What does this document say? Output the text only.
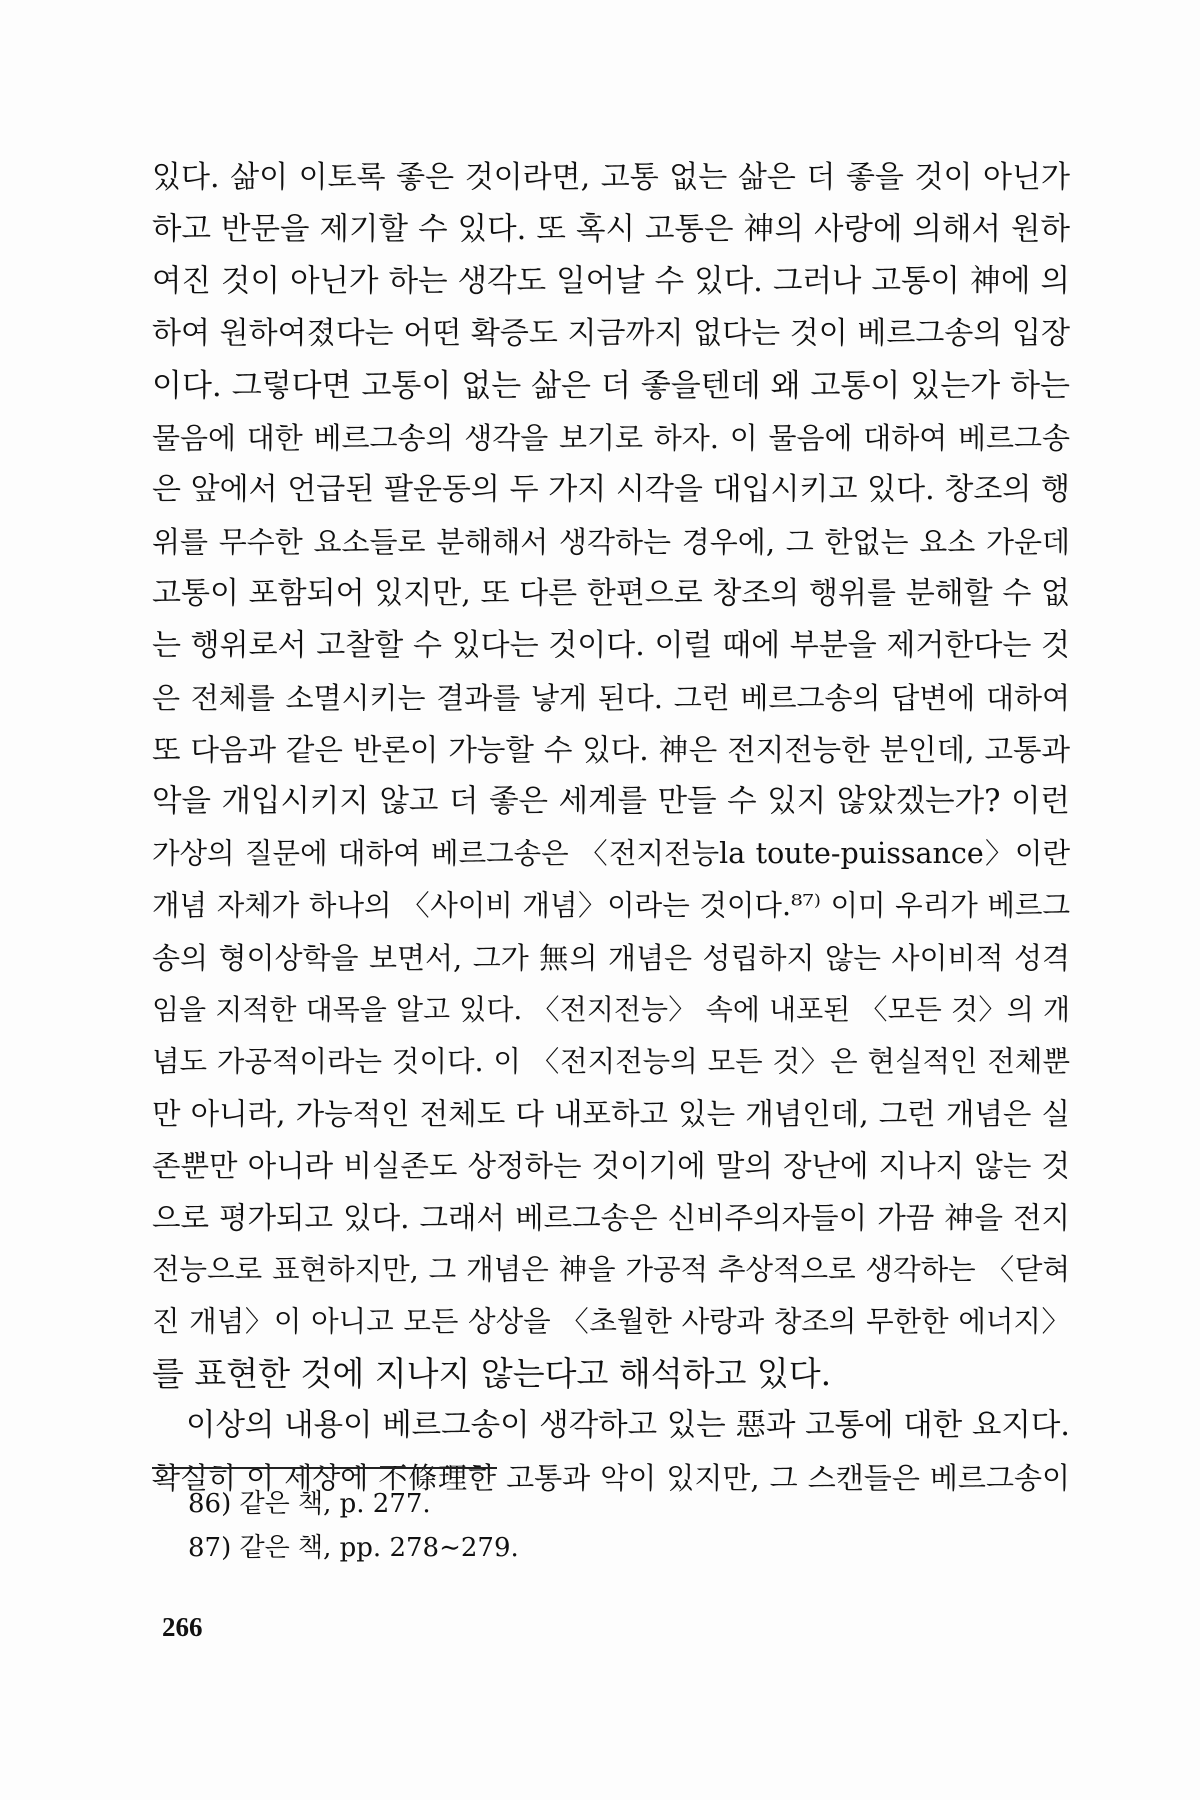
있다. 삶이 이토록 좋은 것이라면, 고통 없는 삶은 더 좋을 것이 아닌가
하고 반문을 제기할 수 있다. 또 혹시 고통은 神의 사랑에 의해서 원하
여진 것이 아닌가 하는 생각도 일어날 수 있다. 그러나 고통이 神에 의
하여 원하여졌다는 어떤 확증도 지금까지 없다는 것이 베르그송의 입장
이다. 그렇다면 고통이 없는 삶은 더 좋을텐데 왜 고통이 있는가 하는
물음에 대한 베르그송의 생각을 보기로 하자. 이 물음에 대하여 베르그송
은 앞에서 언급된 팔운동의 두 가지 시각을 대입시키고 있다. 창조의 행
위를 무수한 요소들로 분해해서 생각하는 경우에, 그 한없는 요소 가운데
고통이 포함되어 있지만, 또 다른 한편으로 창조의 행위를 분해할 수 없
는 행위로서 고찰할 수 있다는 것이다. 이럴 때에 부분을 제거한다는 것
은 전체를 소멸시키는 결과를 낳게 된다. 그런 베르그송의 답변에 대하여
또 다음과 같은 반론이 가능할 수 있다. 神은 전지전능한 분인데, 고통과
악을 개입시키지 않고 더 좋은 세계를 만들 수 있지 않았겠는가? 이런
가상의 질문에 대하여 베르그송은 〈전지전능la toute-puissance〉이란
개념 자체가 하나의 〈사이비 개념〉이라는 것이다.⁸⁷⁾ 이미 우리가 베르그
송의 형이상학을 보면서, 그가 無의 개념은 성립하지 않는 사이비적 성격
임을 지적한 대목을 알고 있다. 〈전지전능〉 속에 내포된 〈모든 것〉의 개
념도 가공적이라는 것이다. 이 〈전지전능의 모든 것〉은 현실적인 전체뿐
만 아니라, 가능적인 전체도 다 내포하고 있는 개념인데, 그런 개념은 실
존뿐만 아니라 비실존도 상정하는 것이기에 말의 장난에 지나지 않는 것
으로 평가되고 있다. 그래서 베르그송은 신비주의자들이 가끔 神을 전지
전능으로 표현하지만, 그 개념은 神을 가공적 추상적으로 생각하는 〈닫혀
진 개념〉이 아니고 모든 상상을 〈초월한 사랑과 창조의 무한한 에너지〉
를 표현한 것에 지나지 않는다고 해석하고 있다.
이상의 내용이 베르그송이 생각하고 있는 惡과 고통에 대한 요지다.
확실히 이 세상에 不條理한 고통과 악이 있지만, 그 스캔들은 베르그송이
86) 같은 책, p. 277.
87) 같은 책, pp. 278∼279.
266
